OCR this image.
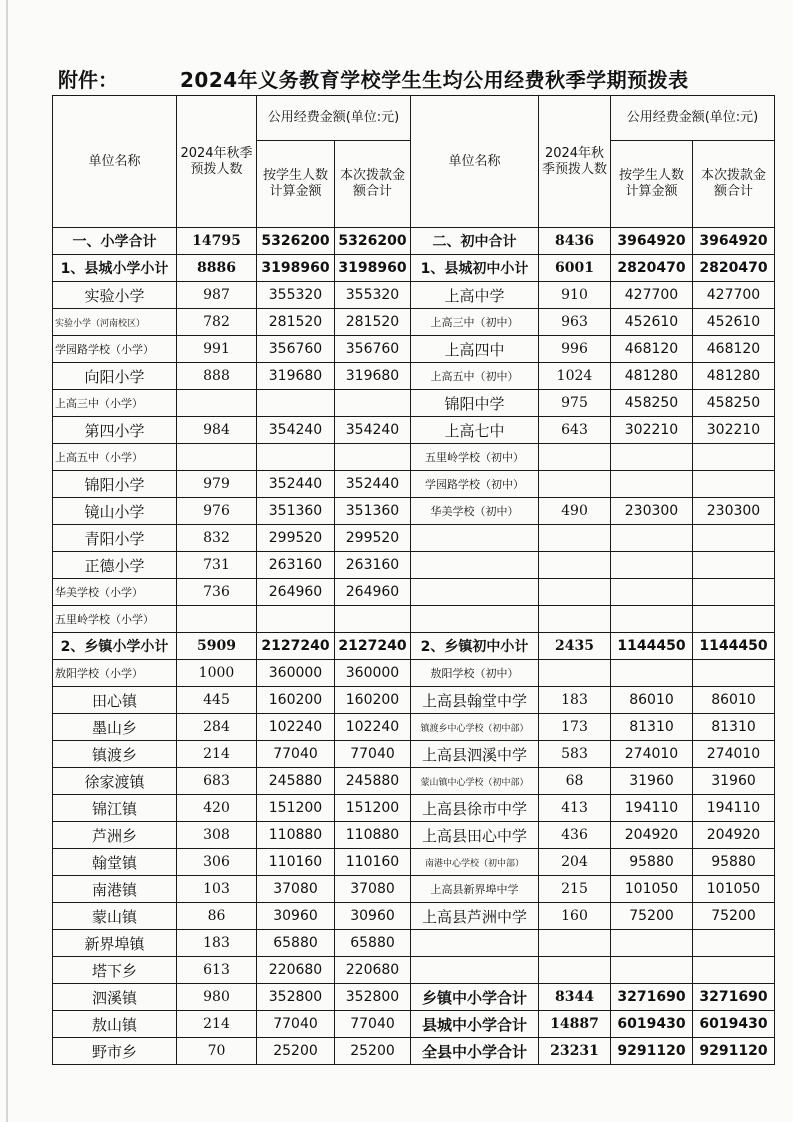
附件：	2024年义务教育学校学生生均公用经费秋季学期预拨表
单位名称	2024年秋季预拨人数	公用经费金额(单位:元)		单位名称	2024年秋季预拨人数	公用经费金额(单位:元)	
		按学生人数计算金额	本次拨款金额合计			按学生人数计算金额	本次拨款金额合计
一、小学合计	14795	5326200	5326200	二、初中合计	8436	3964920	3964920
1、县城小学小计	8886	3198960	3198960	1、县城初中小计	6001	2820470	2820470
实验小学	987	355320	355320	上高中学	910	427700	427700
实验小学（河南校区）	782	281520	281520	上高三中（初中）	963	452610	452610
学园路学校（小学）	991	356760	356760	上高四中	996	468120	468120
向阳小学	888	319680	319680	上高五中（初中）	1024	481280	481280
上高三中（小学）				锦阳中学	975	458250	458250
第四小学	984	354240	354240	上高七中	643	302210	302210
上高五中（小学）				五里岭学校（初中）			
锦阳小学	979	352440	352440	学园路学校（初中）			
镜山小学	976	351360	351360	华美学校（初中）	490	230300	230300
青阳小学	832	299520	299520				
正德小学	731	263160	263160				
华美学校（小学）	736	264960	264960				
五里岭学校（小学）							
2、乡镇小学小计	5909	2127240	2127240	2、乡镇初中小计	2435	1144450	1144450
敖阳学校（小学）	1000	360000	360000	敖阳学校（初中）			
田心镇	445	160200	160200	上高县翰堂中学	183	86010	86010
墨山乡	284	102240	102240	镇渡乡中心学校（初中部）	173	81310	81310
镇渡乡	214	77040	77040	上高县泗溪中学	583	274010	274010
徐家渡镇	683	245880	245880	蒙山镇中心学校（初中部）	68	31960	31960
锦江镇	420	151200	151200	上高县徐市中学	413	194110	194110
芦洲乡	308	110880	110880	上高县田心中学	436	204920	204920
翰堂镇	306	110160	110160	南港中心学校（初中部）	204	95880	95880
南港镇	103	37080	37080	上高县新界埠中学	215	101050	101050
蒙山镇	86	30960	30960	上高县芦洲中学	160	75200	75200
新界埠镇	183	65880	65880				
塔下乡	613	220680	220680				
泗溪镇	980	352800	352800	乡镇中小学合计	8344	3271690	3271690
敖山镇	214	77040	77040	县城中小学合计	14887	6019430	6019430
野市乡	70	25200	25200	全县中小学合计	23231	9291120	9291120
